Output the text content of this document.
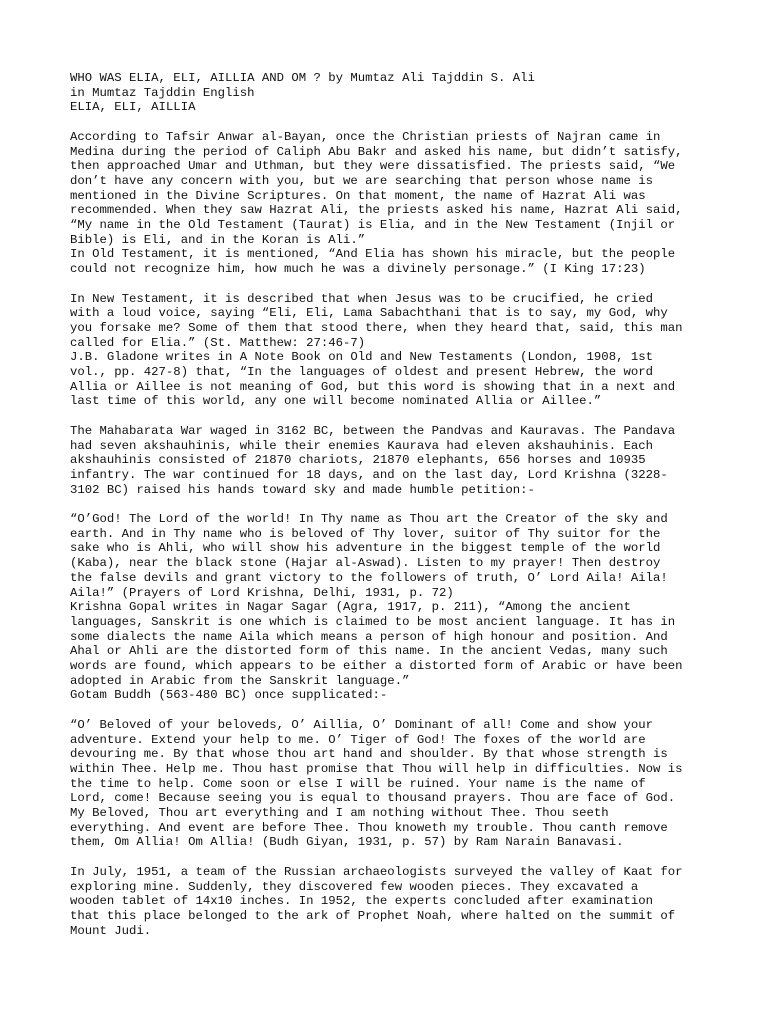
WHO WAS ELIA, ELI, AILLIA AND OM ? by Mumtaz Ali Tajddin S. Ali
in Mumtaz Tajddin English
ELIA, ELI, AILLIA
According to Tafsir Anwar al-Bayan, once the Christian priests of Najran came in
Medina during the period of Caliph Abu Bakr and asked his name, but didn’t satisfy,
then approached Umar and Uthman, but they were dissatisfied. The priests said, “We
don’t have any concern with you, but we are searching that person whose name is
mentioned in the Divine Scriptures. On that moment, the name of Hazrat Ali was
recommended. When they saw Hazrat Ali, the priests asked his name, Hazrat Ali said,
“My name in the Old Testament (Taurat) is Elia, and in the New Testament (Injil or
Bible) is Eli, and in the Koran is Ali.”
In Old Testament, it is mentioned, “And Elia has shown his miracle, but the people
could not recognize him, how much he was a divinely personage.” (I King 17:23)
In New Testament, it is described that when Jesus was to be crucified, he cried
with a loud voice, saying “Eli, Eli, Lama Sabachthani that is to say, my God, why
you forsake me? Some of them that stood there, when they heard that, said, this man
called for Elia.” (St. Matthew: 27:46-7)
J.B. Gladone writes in A Note Book on Old and New Testaments (London, 1908, 1st
vol., pp. 427-8) that, “In the languages of oldest and present Hebrew, the word
Allia or Aillee is not meaning of God, but this word is showing that in a next and
last time of this world, any one will become nominated Allia or Aillee.”
The Mahabarata War waged in 3162 BC, between the Pandvas and Kauravas. The Pandava
had seven akshauhinis, while their enemies Kaurava had eleven akshauhinis. Each
akshauhinis consisted of 21870 chariots, 21870 elephants, 656 horses and 10935
infantry. The war continued for 18 days, and on the last day, Lord Krishna (3228-
3102 BC) raised his hands toward sky and made humble petition:-
“O’God! The Lord of the world! In Thy name as Thou art the Creator of the sky and
earth. And in Thy name who is beloved of Thy lover, suitor of Thy suitor for the
sake who is Ahli, who will show his adventure in the biggest temple of the world
(Kaba), near the black stone (Hajar al-Aswad). Listen to my prayer! Then destroy
the false devils and grant victory to the followers of truth, O’ Lord Aila! Aila!
Aila!” (Prayers of Lord Krishna, Delhi, 1931, p. 72)
Krishna Gopal writes in Nagar Sagar (Agra, 1917, p. 211), “Among the ancient
languages, Sanskrit is one which is claimed to be most ancient language. It has in
some dialects the name Aila which means a person of high honour and position. And
Ahal or Ahli are the distorted form of this name. In the ancient Vedas, many such
words are found, which appears to be either a distorted form of Arabic or have been
adopted in Arabic from the Sanskrit language.”
Gotam Buddh (563-480 BC) once supplicated:-
“O’ Beloved of your beloveds, O’ Aillia, O’ Dominant of all! Come and show your
adventure. Extend your help to me. O’ Tiger of God! The foxes of the world are
devouring me. By that whose thou art hand and shoulder. By that whose strength is
within Thee. Help me. Thou hast promise that Thou will help in difficulties. Now is
the time to help. Come soon or else I will be ruined. Your name is the name of
Lord, come! Because seeing you is equal to thousand prayers. Thou are face of God.
My Beloved, Thou art everything and I am nothing without Thee. Thou seeth
everything. And event are before Thee. Thou knoweth my trouble. Thou canth remove
them, Om Allia! Om Allia! (Budh Giyan, 1931, p. 57) by Ram Narain Banavasi.
In July, 1951, a team of the Russian archaeologists surveyed the valley of Kaat for
exploring mine. Suddenly, they discovered few wooden pieces. They excavated a
wooden tablet of 14x10 inches. In 1952, the experts concluded after examination
that this place belonged to the ark of Prophet Noah, where halted on the summit of
Mount Judi.
